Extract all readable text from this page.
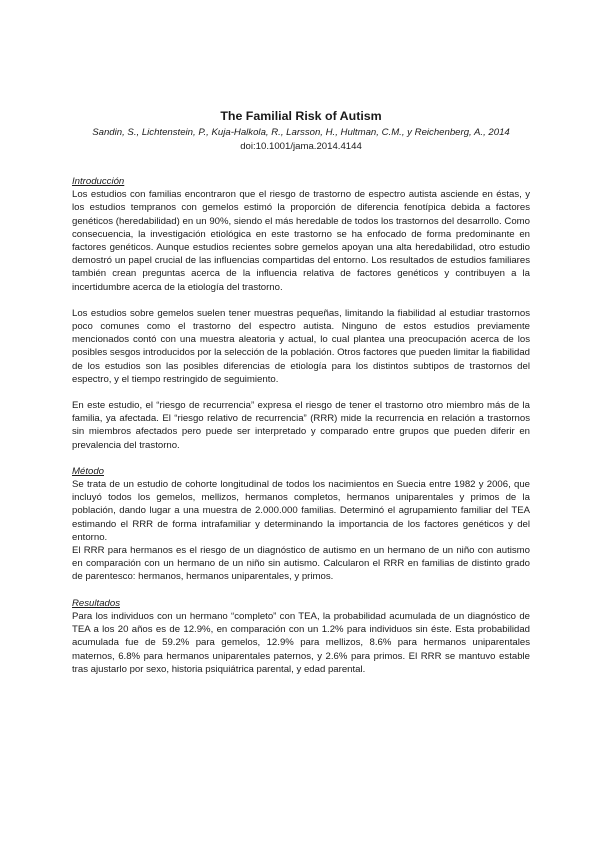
The Familial Risk of Autism

Sandin, S., Lichtenstein, P., Kuja-Halkola, R., Larsson, H., Hultman, C.M., y Reichenberg, A., 2014

doi:10.1001/jama.2014.4144

Introducción

Los estudios con familias encontraron que el riesgo de trastorno de espectro autista asciende en éstas, y los estudios tempranos con gemelos estimó la proporción de diferencia fenotípica debida a factores genéticos (heredabilidad) en un 90%, siendo el más heredable de todos los trastornos del desarrollo. Como consecuencia, la investigación etiológica en este trastorno se ha enfocado de forma predominante en factores genéticos. Aunque estudios recientes sobre gemelos apoyan una alta heredabilidad, otro estudio demostró un papel crucial de las influencias compartidas del entorno. Los resultados de estudios familiares también crean preguntas acerca de la influencia relativa de factores genéticos y contribuyen a la incertidumbre acerca de la etiología del trastorno.

Los estudios sobre gemelos suelen tener muestras pequeñas, limitando la fiabilidad al estudiar trastornos poco comunes como el trastorno del espectro autista. Ninguno de estos estudios previamente mencionados contó con una muestra aleatoria y actual, lo cual plantea una preocupación acerca de los posibles sesgos introducidos por la selección de la población. Otros factores que pueden limitar la fiabilidad de los estudios son las posibles diferencias de etiología para los distintos subtipos de trastornos del espectro, y el tiempo restringido de seguimiento.

En este estudio, el “riesgo de recurrencia” expresa el riesgo de tener el trastorno otro miembro más de la familia, ya afectada. El “riesgo relativo de recurrencia” (RRR) mide la recurrencia en relación a trastornos sin miembros afectados pero puede ser interpretado y comparado entre grupos que pueden diferir en prevalencia del trastorno.

Método

Se trata de un estudio de cohorte longitudinal de todos los nacimientos en Suecia entre 1982 y 2006, que incluyó todos los gemelos, mellizos, hermanos completos, hermanos uniparentales y primos de la población, dando lugar a una muestra de 2.000.000 familias. Determinó el agrupamiento familiar del TEA estimando el RRR de forma intrafamiliar y determinando la importancia de los factores genéticos y del entorno.

El RRR para hermanos es el riesgo de un diagnóstico de autismo en un hermano de un niño con autismo en comparación con un hermano de un niño sin autismo. Calcularon el RRR en familias de distinto grado de parentesco: hermanos, hermanos uniparentales, y primos.

Resultados

Para los individuos con un hermano “completo” con TEA, la probabilidad acumulada de un diagnóstico de TEA a los 20 años es de 12.9%, en comparación con un 1.2% para individuos sin éste. Esta probabilidad acumulada fue de 59.2% para gemelos, 12.9% para mellizos, 8.6% para hermanos uniparentales maternos, 6.8% para hermanos uniparentales paternos, y 2.6% para primos. El RRR se mantuvo estable tras ajustarlo por sexo, historia psiquiátrica parental, y edad parental.
